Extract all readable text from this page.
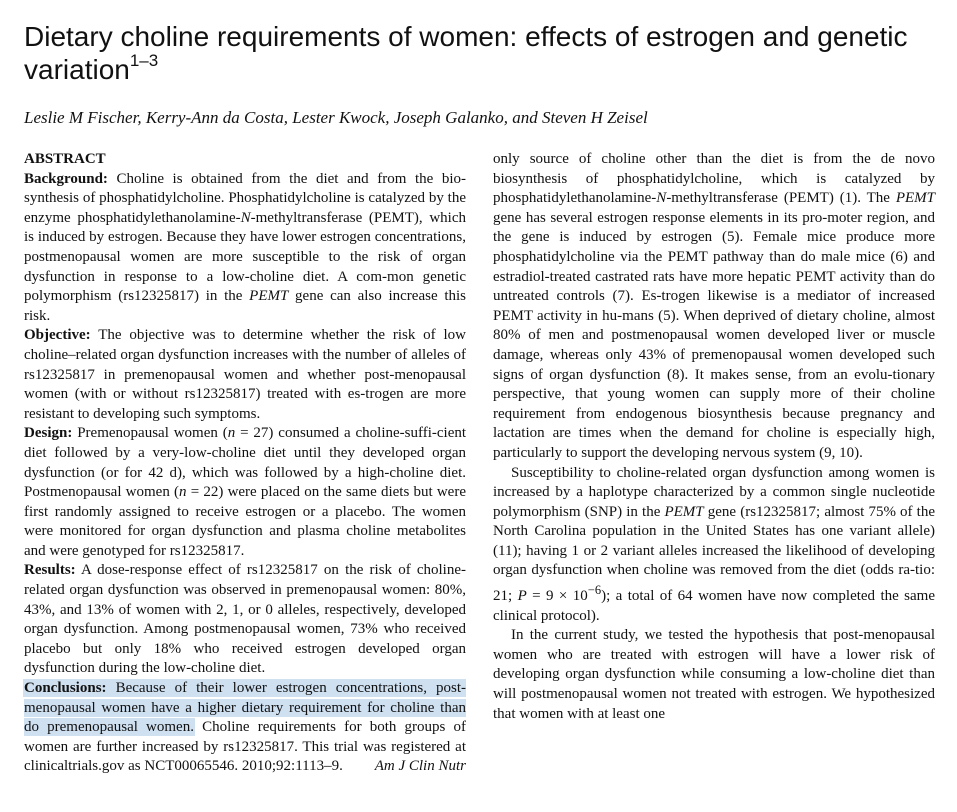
Dietary choline requirements of women: effects of estrogen and genetic variation$^{1-3}$
Leslie M Fischer, Kerry-Ann da Costa, Lester Kwock, Joseph Galanko, and Steven H Zeisel

ABSTRACT

Background: Choline is obtained from the diet and from the bio-synthesis of phosphatidylcholine. Phosphatidylcholine is catalyzed by the enzyme phosphatidylethanolamine-N-methyltransferase (PEMT), which is induced by estrogen. Because they have lower estrogen concentrations, postmenopausal women are more susceptible to the risk of organ dysfunction in response to a low-choline diet. A com-mon genetic polymorphism (rs12325817) in the PEMT gene can also increase this risk.

Objective: The objective was to determine whether the risk of low choline–related organ dysfunction increases with the number of alleles of rs12325817 in premenopausal women and whether post-menopausal women (with or without rs12325817) treated with es-trogen are more resistant to developing such symptoms.

Design: Premenopausal women (n = 27) consumed a choline-suffi-cient diet followed by a very-low-choline diet until they developed organ dysfunction (or for 42 d), which was followed by a high-choline diet. Postmenopausal women (n = 22) were placed on the same diets but were first randomly assigned to receive estrogen or a placebo. The women were monitored for organ dysfunction and plasma choline metabolites and were genotyped for rs12325817.

Results: A dose-response effect of rs12325817 on the risk of choline-related organ dysfunction was observed in premenopausal women: 80%, 43%, and 13% of women with 2, 1, or 0 alleles, respectively, developed organ dysfunction. Among postmenopausal women, 73% who received placebo but only 18% who received estrogen developed organ dysfunction during the low-choline diet.

Conclusions: Because of their lower estrogen concentrations, post-menopausal women have a higher dietary requirement for choline than do premenopausal women. Choline requirements for both groups of women are further increased by rs12325817. This trial was registered at clinicaltrials.gov as NCT00065546.	Am J Clin Nutr
2010;92:1113–9.

only source of choline other than the diet is from the de novo biosynthesis of phosphatidylcholine, which is catalyzed by phosphatidylethanolamine-N-methyltransferase (PEMT) (1). The PEMT gene has several estrogen response elements in its pro-moter region, and the gene is induced by estrogen (5). Female mice produce more phosphatidylcholine via the PEMT pathway than do male mice (6) and estradiol-treated castrated rats have more hepatic PEMT activity than do untreated controls (7). Es-trogen likewise is a mediator of increased PEMT activity in hu-mans (5). When deprived of dietary choline, almost 80% of men and postmenopausal women developed liver or muscle damage, whereas only 43% of premenopausal women developed such signs of organ dysfunction (8). It makes sense, from an evolu-tionary perspective, that young women can supply more of their choline requirement from endogenous biosynthesis because pregnancy and lactation are times when the demand for choline is especially high, particularly to support the developing nervous system (9, 10).

Susceptibility to choline-related organ dysfunction among women is increased by a haplotype characterized by a common single nucleotide polymorphism (SNP) in the PEMT gene (rs12325817; almost 75% of the North Carolina population in the United States has one variant allele) (11); having 1 or 2 variant alleles increased the likelihood of developing organ dysfunction when choline was removed from the diet (odds ra-tio: 21; $P = 9 \times 10^{-6}$); a total of 64 women have now completed the same clinical protocol).

In the current study, we tested the hypothesis that post-menopausal women who are treated with estrogen will have a lower risk of developing organ dysfunction while consuming a low-choline diet than will postmenopausal women not treated with estrogen. We hypothesized that women with at least one
